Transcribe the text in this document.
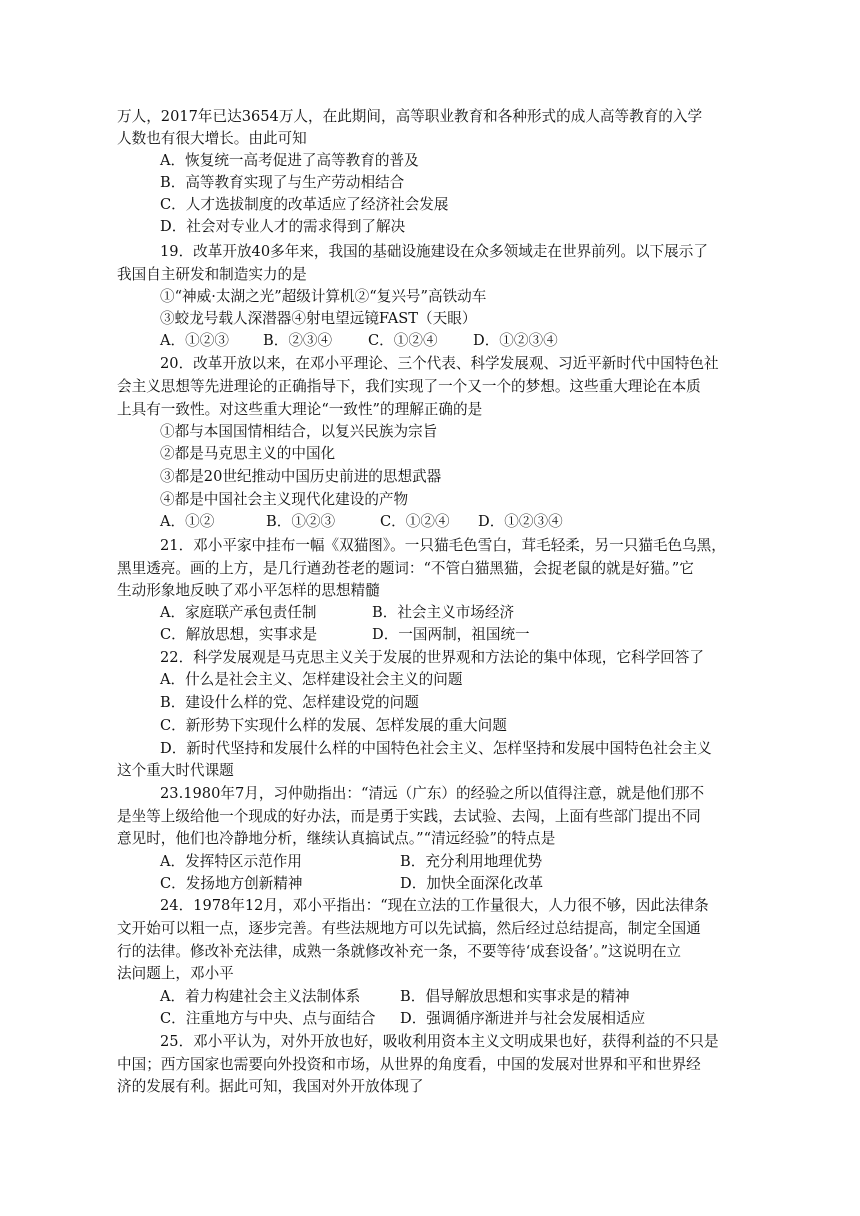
万人，2017年已达3654万人，在此期间，高等职业教育和各种形式的成人高等教育的入学
人数也有很大增长。由此可知
A．恢复统一高考促进了高等教育的普及
B．高等教育实现了与生产劳动相结合
C．人才选拔制度的改革适应了经济社会发展
D．社会对专业人才的需求得到了解决
19．改革开放40多年来，我国的基础设施建设在众多领域走在世界前列。以下展示了
我国自主研发和制造实力的是
①“神威·太湖之光”超级计算机②“复兴号”高铁动车
③蛟龙号载人深潜器④射电望远镜FAST（天眼）
A．①②③ B．②③④ C．①②④ D．①②③④
20．改革开放以来，在邓小平理论、三个代表、科学发展观、习近平新时代中国特色社
会主义思想等先进理论的正确指导下，我们实现了一个又一个的梦想。这些重大理论在本质
上具有一致性。对这些重大理论“一致性”的理解正确的是
①都与本国国情相结合，以复兴民族为宗旨
②都是马克思主义的中国化
③都是20世纪推动中国历史前进的思想武器
④都是中国社会主义现代化建设的产物
A．①②	B．①②③	C．①②④ D．①②③④
21．邓小平家中挂布一幅《双猫图》。一只猫毛色雪白，茸毛轻柔，另一只猫毛色乌黑，
黑里透亮。画的上方，是几行遒劲苍老的题词：“不管白猫黑猫，会捉老鼠的就是好猫。”它
生动形象地反映了邓小平怎样的思想精髓
A．家庭联产承包责任制	B．社会主义市场经济
C．解放思想，实事求是	D．一国两制，祖国统一
22．科学发展观是马克思主义关于发展的世界观和方法论的集中体现，它科学回答了
A．什么是社会主义、怎样建设社会主义的问题
B．建设什么样的党、怎样建设党的问题
C．新形势下实现什么样的发展、怎样发展的重大问题
D．新时代坚持和发展什么样的中国特色社会主义、怎样坚持和发展中国特色社会主义
这个重大时代课题
23.1980年7月，习仲勋指出：“清远（广东）的经验之所以值得注意，就是他们那不
是坐等上级给他一个现成的好办法，而是勇于实践，去试验、去闯，上面有些部门提出不同
意见时，他们也冷静地分析，继续认真搞试点。”“清远经验”的特点是
A．发挥特区示范作用	B．充分利用地理优势
C．发扬地方创新精神	D．加快全面深化改革
24．1978年12月，邓小平指出：“现在立法的工作量很大，人力很不够，因此法律条
文开始可以粗一点，逐步完善。有些法规地方可以先试搞，然后经过总结提高，制定全国通
行的法律。修改补充法律，成熟一条就修改补充一条，不要等待‘成套设备’。”这说明在立
法问题上，邓小平
A．着力构建社会主义法制体系	B．倡导解放思想和实事求是的精神
C．注重地方与中央、点与面结合 D．强调循序渐进并与社会发展相适应
25．邓小平认为，对外开放也好，吸收利用资本主义文明成果也好，获得利益的不只是
中国；西方国家也需要向外投资和市场，从世界的角度看，中国的发展对世界和平和世界经
济的发展有利。据此可知，我国对外开放体现了
